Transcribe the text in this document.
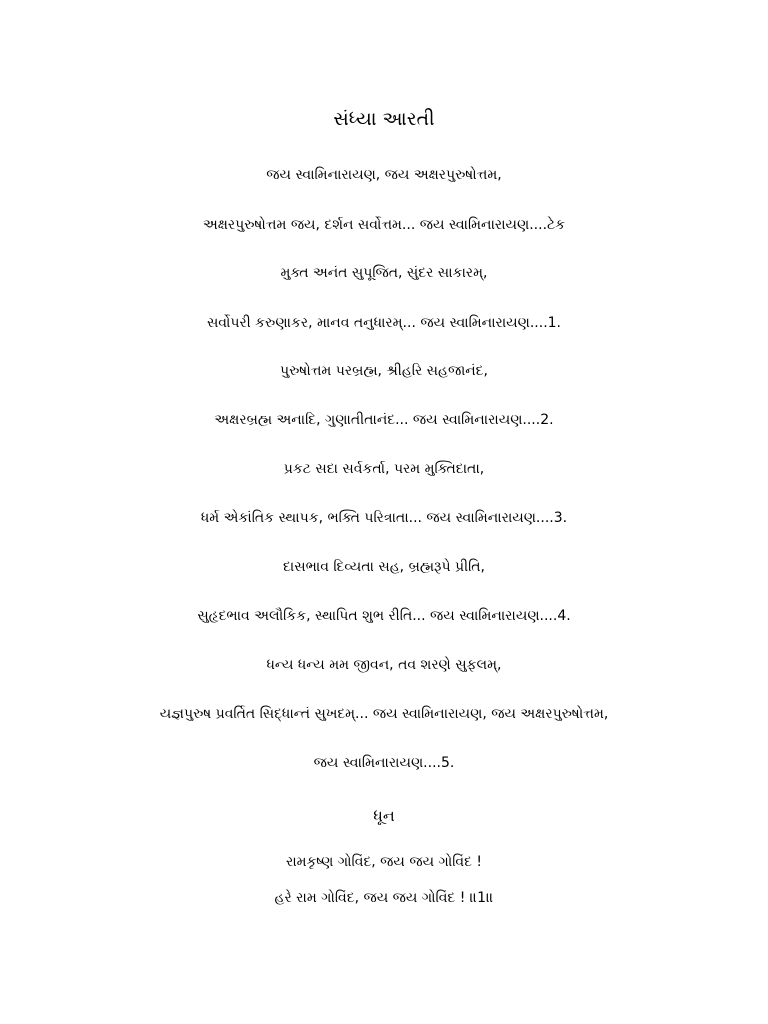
સંધ્યા આરતી
જય સ્વામિનારાયણ, જય અક્ષરપુરુષોત્તમ,
અક્ષરપુરુષોત્તમ જય, દર્શન સર્વોત્તમ... જય સ્વામિનારાયણ....ટેક
મુક્ત અનંત સુપૂજિત, સુંદર સાકારમ્,
સર્વોપરી કરુણાકર, માનવ તનુધારમ્... જય સ્વામિનારાયણ....1.
પુરુષોત્તમ પરબ્રહ્મ, શ્રીહરિ સહજાનંદ,
અક્ષરબ્રહ્મ અનાદિ, ગુણાતીતાનંદ... જય સ્વામિનારાયણ....2.
પ્રકટ સદા સર્વકર્તા, પરમ મુક્તિદાતા,
ધર્મ એકાંતિક સ્થાપક, ભક્તિ પરિત્રાતા... જય સ્વામિનારાયણ....3.
દાસભાવ દિવ્યતા સહ, બ્રહ્મરૂપે પ્રીતિ,
સુહૃદભાવ અલૌકિક, સ્થાપિત શુભ રીતિ... જય સ્વામિનારાયણ....4.
ધન્ય ધન્ય મમ જીવન, તવ શરણે સુફલમ્,
યજ્ઞપુરુષ પ્રવર્તિત સિદ્ધાન્તં સુખદમ્... જય સ્વામિનારાયણ, જય અક્ષરપુરુષોત્તમ,
જય સ્વામિનારાયણ....5.
ધૂન
રામકૃષ્ણ ગોવિંદ, જય જય ગોવિંદ !
હરે રામ ગોવિંદ, જય જય ગોવિંદ ! ॥1॥
